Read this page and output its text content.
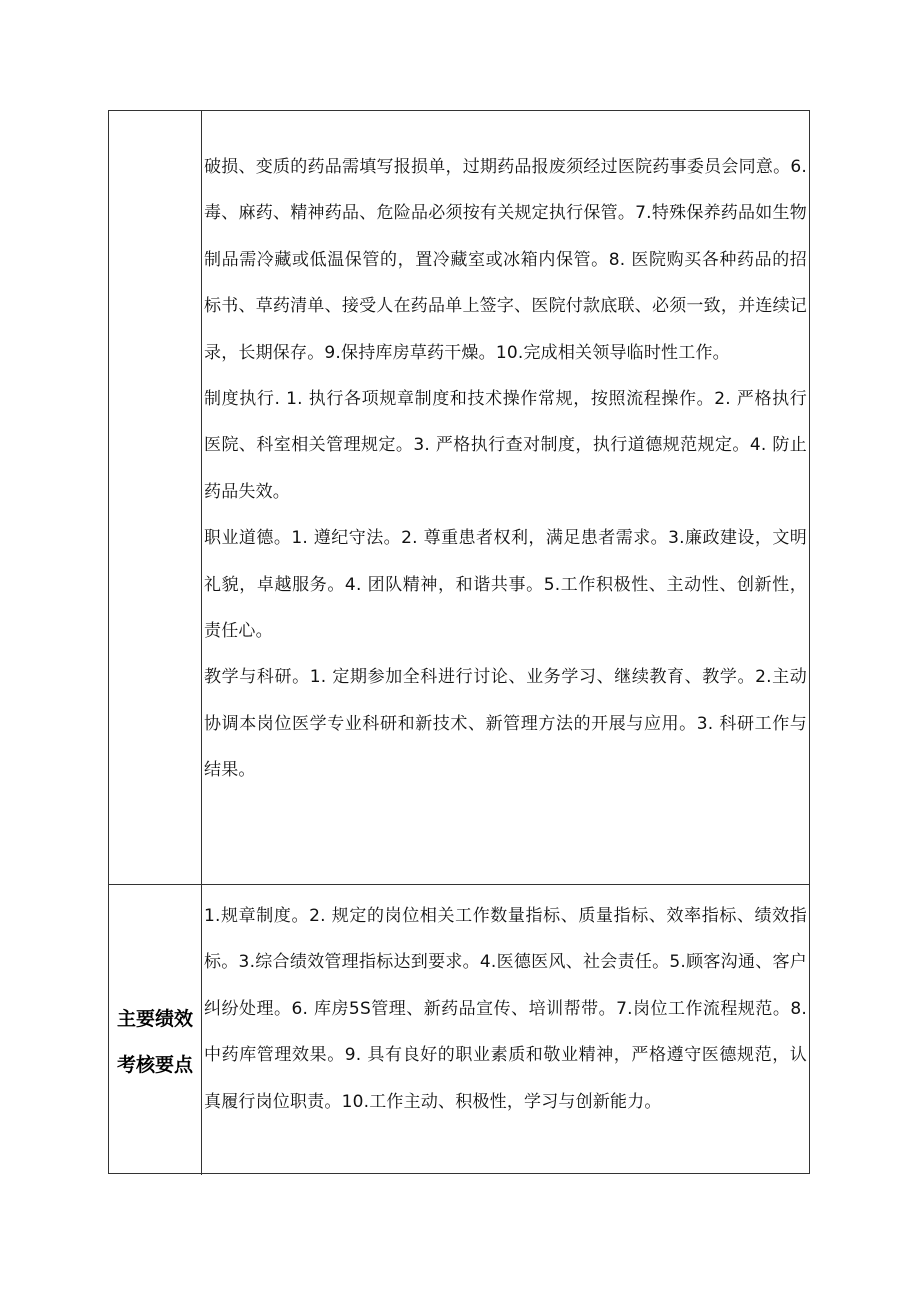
破损、变质的药品需填写报损单，过期药品报废须经过医院药事委员会同意。6. 毒、麻药、精神药品、危险品必须按有关规定执行保管。7.特殊保养药品如生物制品需冷藏或低温保管的，置冷藏室或冰箱内保管。8. 医院购买各种药品的招标书、草药清单、接受人在药品单上签字、医院付款底联、必须一致，并连续记录，长期保存。9.保持库房草药干燥。10.完成相关领导临时性工作。

制度执行. 1. 执行各项规章制度和技术操作常规，按照流程操作。2. 严格执行医院、科室相关管理规定。3. 严格执行查对制度，执行道德规范规定。4. 防止药品失效。

职业道德。1. 遵纪守法。2. 尊重患者权利，满足患者需求。3.廉政建设，文明礼貌，卓越服务。4. 团队精神，和谐共事。5.工作积极性、主动性、创新性，责任心。

教学与科研。1. 定期参加全科进行讨论、业务学习、继续教育、教学。2.主动协调本岗位医学专业科研和新技术、新管理方法的开展与应用。3. 科研工作与结果。

主要绩效
考核要点

1.规章制度。2. 规定的岗位相关工作数量指标、质量指标、效率指标、绩效指标。3.综合绩效管理指标达到要求。4.医德医风、社会责任。5.顾客沟通、客户纠纷处理。6. 库房5S管理、新药品宣传、培训帮带。7.岗位工作流程规范。8. 中药库管理效果。9. 具有良好的职业素质和敬业精神，严格遵守医德规范，认真履行岗位职责。10.工作主动、积极性，学习与创新能力。
